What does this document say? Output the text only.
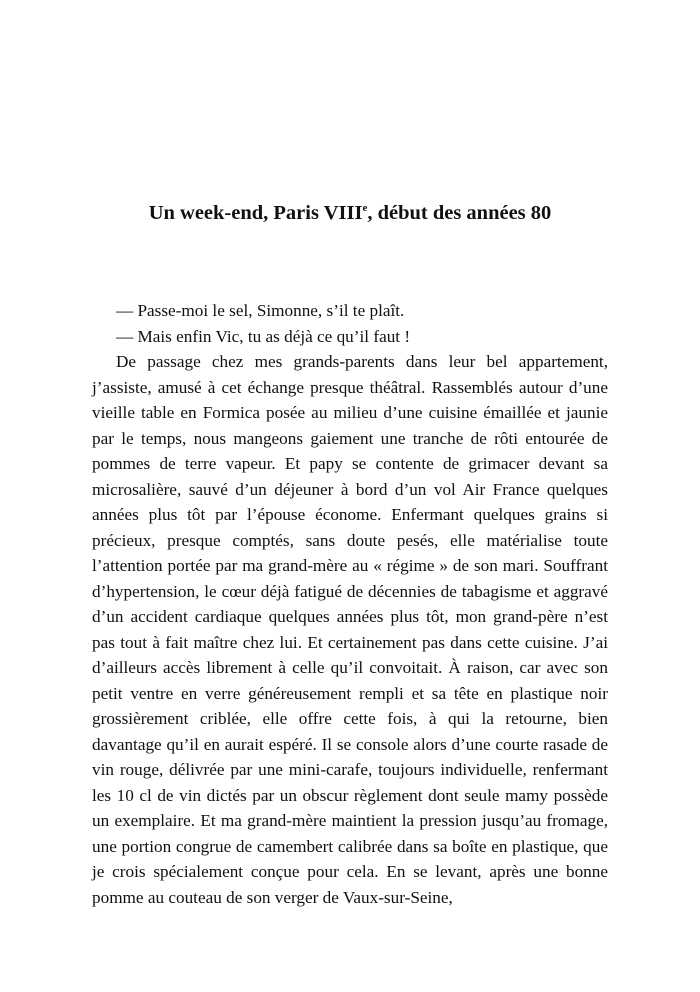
Un week-end, Paris VIIIe, début des années 80

— Passe-moi le sel, Simonne, s’il te plaît.

— Mais enfin Vic, tu as déjà ce qu’il faut !

De passage chez mes grands-parents dans leur bel appartement, j’assiste, amusé à cet échange presque théâtral. Rassemblés autour d’une vieille table en Formica posée au milieu d’une cuisine émaillée et jaunie par le temps, nous mangeons gaiement une tranche de rôti entourée de pommes de terre vapeur. Et papy se contente de grimacer devant sa microsalière, sauvé d’un déjeuner à bord d’un vol Air France quelques années plus tôt par l’épouse économe. Enfermant quelques grains si précieux, presque comptés, sans doute pesés, elle matérialise toute l’attention portée par ma grand-mère au « régime » de son mari. Souffrant d’hypertension, le cœur déjà fatigué de décennies de tabagisme et aggravé d’un accident cardiaque quelques années plus tôt, mon grand-père n’est pas tout à fait maître chez lui. Et certainement pas dans cette cuisine. J’ai d’ailleurs accès librement à celle qu’il convoitait. À raison, car avec son petit ventre en verre généreusement rempli et sa tête en plastique noir grossièrement criblée, elle offre cette fois, à qui la retourne, bien davantage qu’il en aurait espéré. Il se console alors d’une courte rasade de vin rouge, délivrée par une mini-carafe, toujours individuelle, renfermant les 10 cl de vin dictés par un obscur règlement dont seule mamy possède un exemplaire. Et ma grand-mère maintient la pression jusqu’au fromage, une portion congrue de camembert calibrée dans sa boîte en plastique, que je crois spécialement conçue pour cela. En se levant, après une bonne pomme au couteau de son verger de Vaux-sur-Seine,
